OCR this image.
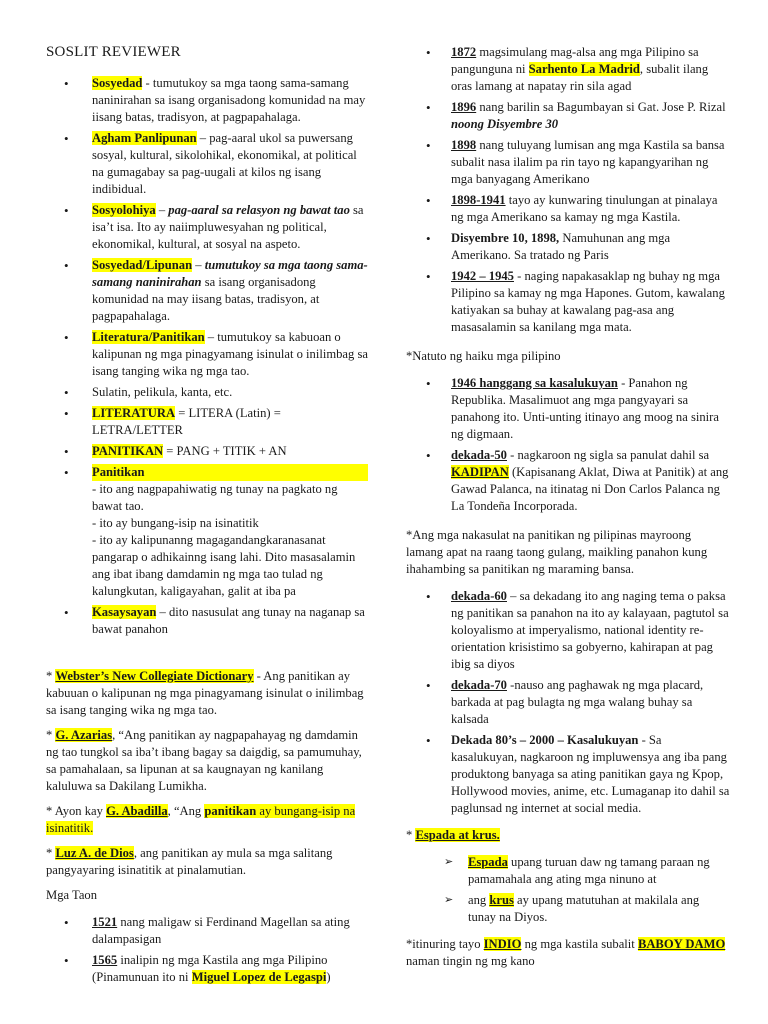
SOSLIT REVIEWER
• Sosyedad - tumutukoy sa mga taong sama-samang naninirahan sa isang organisadong komunidad na may iisang batas, tradisyon, at pagpapahalaga.
• Agham Panlipunan – pag-aaral ukol sa puwersang sosyal, kultural, sikolohikal, ekonomikal, at political na gumagabay sa pag-uugali at kilos ng isang indibidual.
• Sosyolohiya – pag-aaral sa relasyon ng bawat tao sa isa’t isa. Ito ay naiimpluwesyahan ng political, ekonomikal, kultural, at sosyal na aspeto.
• Sosyedad/Lipunan – tumutukoy sa mga taong sama-samang naninirahan sa isang organisadong komunidad na may iisang batas, tradisyon, at pagpapahalaga.
• Literatura/Panitikan – tumutukoy sa kabuoan o kalipunan ng mga pinagyamang isinulat o inilimbag sa isang tanging wika ng mga tao.
• Sulatin, pelikula, kanta, etc.
• LITERATURA = LITERA (Latin) = LETRA/LETTER
• PANITIKAN = PANG + TITIK + AN
• Panitikan
- ito ang nagpapahiwatig ng tunay na pagkato ng bawat tao.
- ito ay bungang-isip na isinatitik
- ito ay kalipunanng magagandangkaranasanat pangarap o adhikainng isang lahi. Dito masasalamin ang ibat ibang damdamin ng mga tao tulad ng kalungkutan, kaligayahan, galit at iba pa
• Kasaysayan – dito nasusulat ang tunay na naganap sa bawat panahon

* Webster’s New Collegiate Dictionary - Ang panitikan ay kabuuan o kalipunan ng mga pinagyamang isinulat o inilimbag sa isang tanging wika ng mga tao.

* G. Azarias, “Ang panitikan ay nagpapahayag ng damdamin ng tao tungkol sa iba’t ibang bagay sa daigdig, sa pamumuhay, sa pamahalaan, sa lipunan at sa kaugnayan ng kanilang kaluluwa sa Dakilang Lumikha.

* Ayon kay G. Abadilla, “Ang panitikan ay bungang-isip na isinatitik.

* Luz A. de Dios, ang panitikan ay mula sa mga salitang pangyayaring isinatitik at pinalamutian.

Mga Taon

• 1521 nang maligaw si Ferdinand Magellan sa ating dalampasigan
• 1565 inalipin ng mga Kastila ang mga Pilipino (Pinamunuan ito ni Miguel Lopez de Legaspi)
• 1872 magsimulang mag-alsa ang mga Pilipino sa pangunguna ni Sarhento La Madrid, subalit ilang oras lamang at napatay rin sila agad
• 1896 nang barilin sa Bagumbayan si Gat. Jose P. Rizal noong Disyembre 30
• 1898 nang tuluyang lumisan ang mga Kastila sa bansa subalit nasa ilalim pa rin tayo ng kapangyarihan ng mga banyagang Amerikano
• 1898-1941 tayo ay kunwaring tinulungan at pinalaya ng mga Amerikano sa kamay ng mga Kastila.
• Disyembre 10, 1898, Namuhunan ang mga Amerikano. Sa tratado ng Paris
• 1942 – 1945 - naging napakasaklap ng buhay ng mga Pilipino sa kamay ng mga Hapones. Gutom, kawalang katiyakan sa buhay at kawalang pag-asa ang masasalamin sa kanilang mga mata.

*Natuto ng haiku mga pilipino

• 1946 hanggang sa kasalukuyan - Panahon ng Republika. Masalimuot ang mga pangyayari sa panahong ito. Unti-unting itinayo ang moog na sinira ng digmaan.
• dekada-50 - nagkaroon ng sigla sa panulat dahil sa KADIPAN (Kapisanang Aklat, Diwa at Panitik) at ang Gawad Palanca, na itinatag ni Don Carlos Palanca ng La Tondeña Incorporada.

*Ang mga nakasulat na panitikan ng pilipinas mayroong lamang apat na raang taong gulang, maikling panahon kung ihahambing sa panitikan ng maraming bansa.

• dekada-60 – sa dekadang ito ang naging tema o paksa ng panitikan sa panahon na ito ay kalayaan, pagtutol sa koloyalismo at imperyalismo, national identity re-orientation krisistimo sa gobyerno, kahirapan at pag ibig sa diyos
• dekada-70 -nauso ang paghawak ng mga placard, barkada at pag bulagta ng mga walang buhay sa kalsada
• Dekada 80’s – 2000 – Kasalukuyan - Sa kasalukuyan, nagkaroon ng impluwensya ang iba pang produktong banyaga sa ating panitikan gaya ng Kpop, Hollywood movies, anime, etc. Lumaganap ito dahil sa paglunsad ng internet at social media.

* Espada at krus.

➢ Espada upang turuan daw ng tamang paraan ng pamamahala ang ating mga ninuno at
➢ ang krus ay upang matutuhan at makilala ang tunay na Diyos.

*itinuring tayo INDIO ng mga kastila subalit BABOY DAMO naman tingin ng mg kano
